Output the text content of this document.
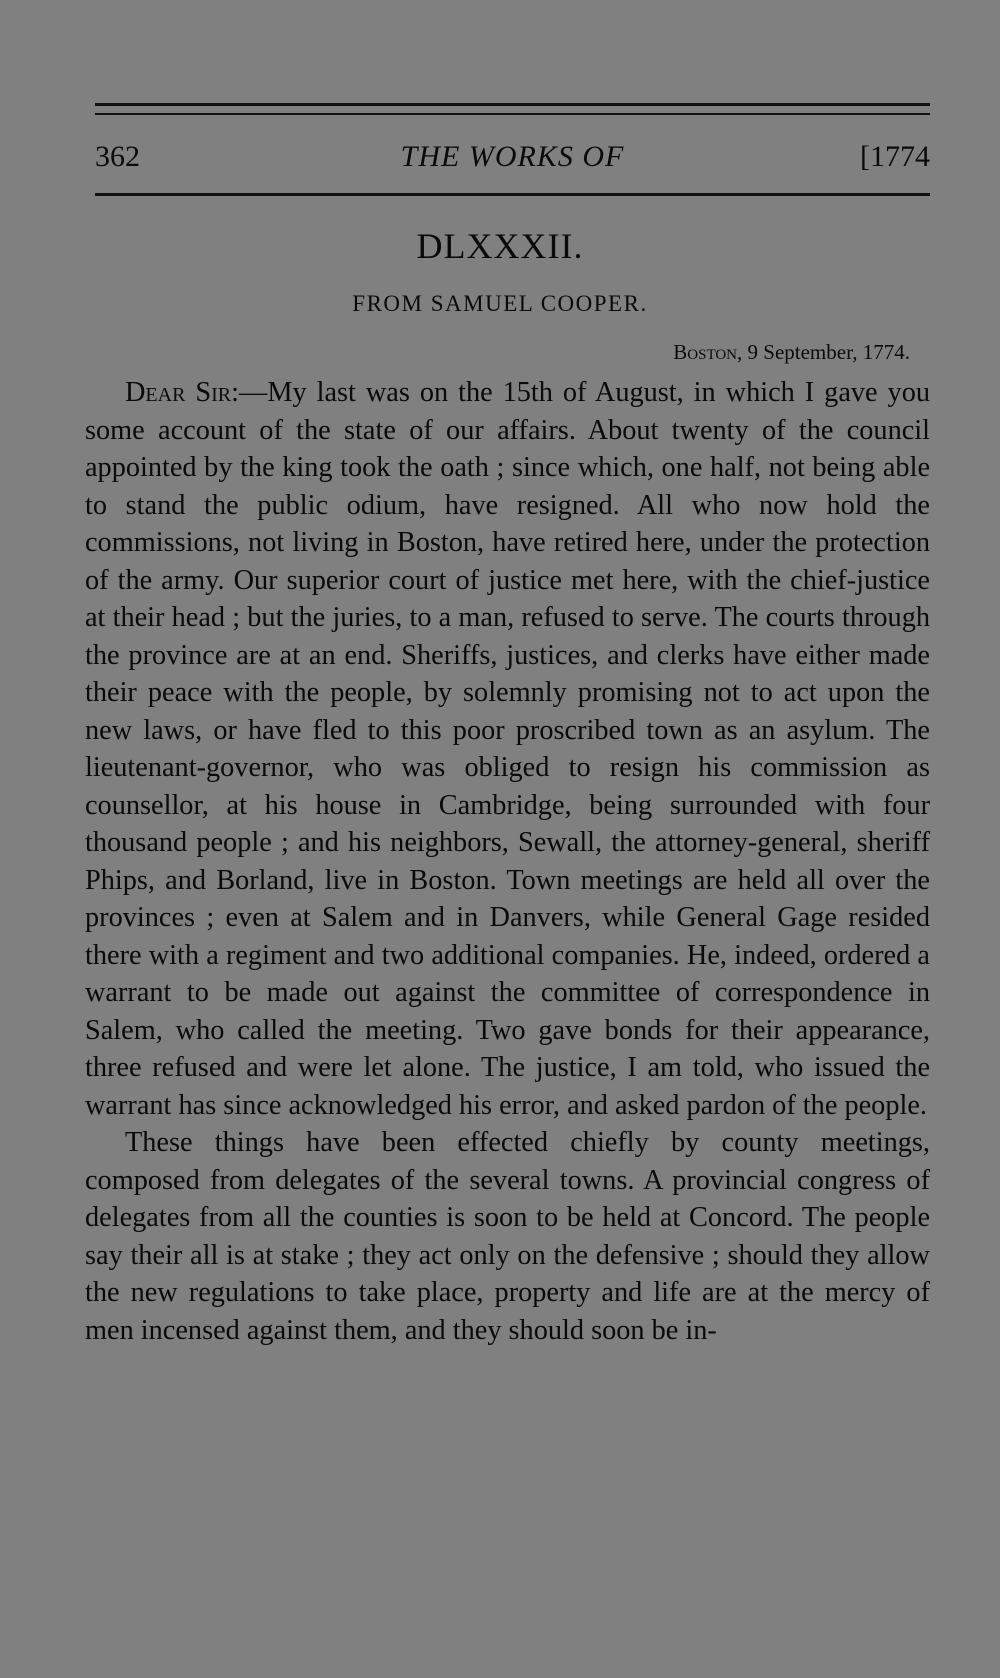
362	THE WORKS OF	[1774
DLXXXII.
FROM SAMUEL COOPER.
Boston, 9 September, 1774.

Dear Sir:—My last was on the 15th of August, in which I gave you some account of the state of our affairs. About twenty of the council appointed by the king took the oath ; since which, one half, not being able to stand the public odium, have resigned. All who now hold the commissions, not living in Boston, have retired here, under the protection of the army. Our superior court of justice met here, with the chief-justice at their head ; but the juries, to a man, refused to serve. The courts through the province are at an end. Sheriffs, justices, and clerks have either made their peace with the people, by solemnly promising not to act upon the new laws, or have fled to this poor proscribed town as an asylum. The lieutenant-governor, who was obliged to resign his commission as counsellor, at his house in Cambridge, being surrounded with four thousand people ; and his neighbors, Sewall, the attorney-general, sheriff Phips, and Borland, live in Boston. Town meetings are held all over the provinces ; even at Salem and in Danvers, while General Gage resided there with a regiment and two additional companies. He, indeed, ordered a warrant to be made out against the committee of correspondence in Salem, who called the meeting. Two gave bonds for their appearance, three refused and were let alone. The justice, I am told, who issued the warrant has since acknowledged his error, and asked pardon of the people.

These things have been effected chiefly by county meetings, composed from delegates of the several towns. A provincial congress of delegates from all the counties is soon to be held at Concord. The people say their all is at stake ; they act only on the defensive ; should they allow the new regulations to take place, property and life are at the mercy of men incensed against them, and they should soon be in-
